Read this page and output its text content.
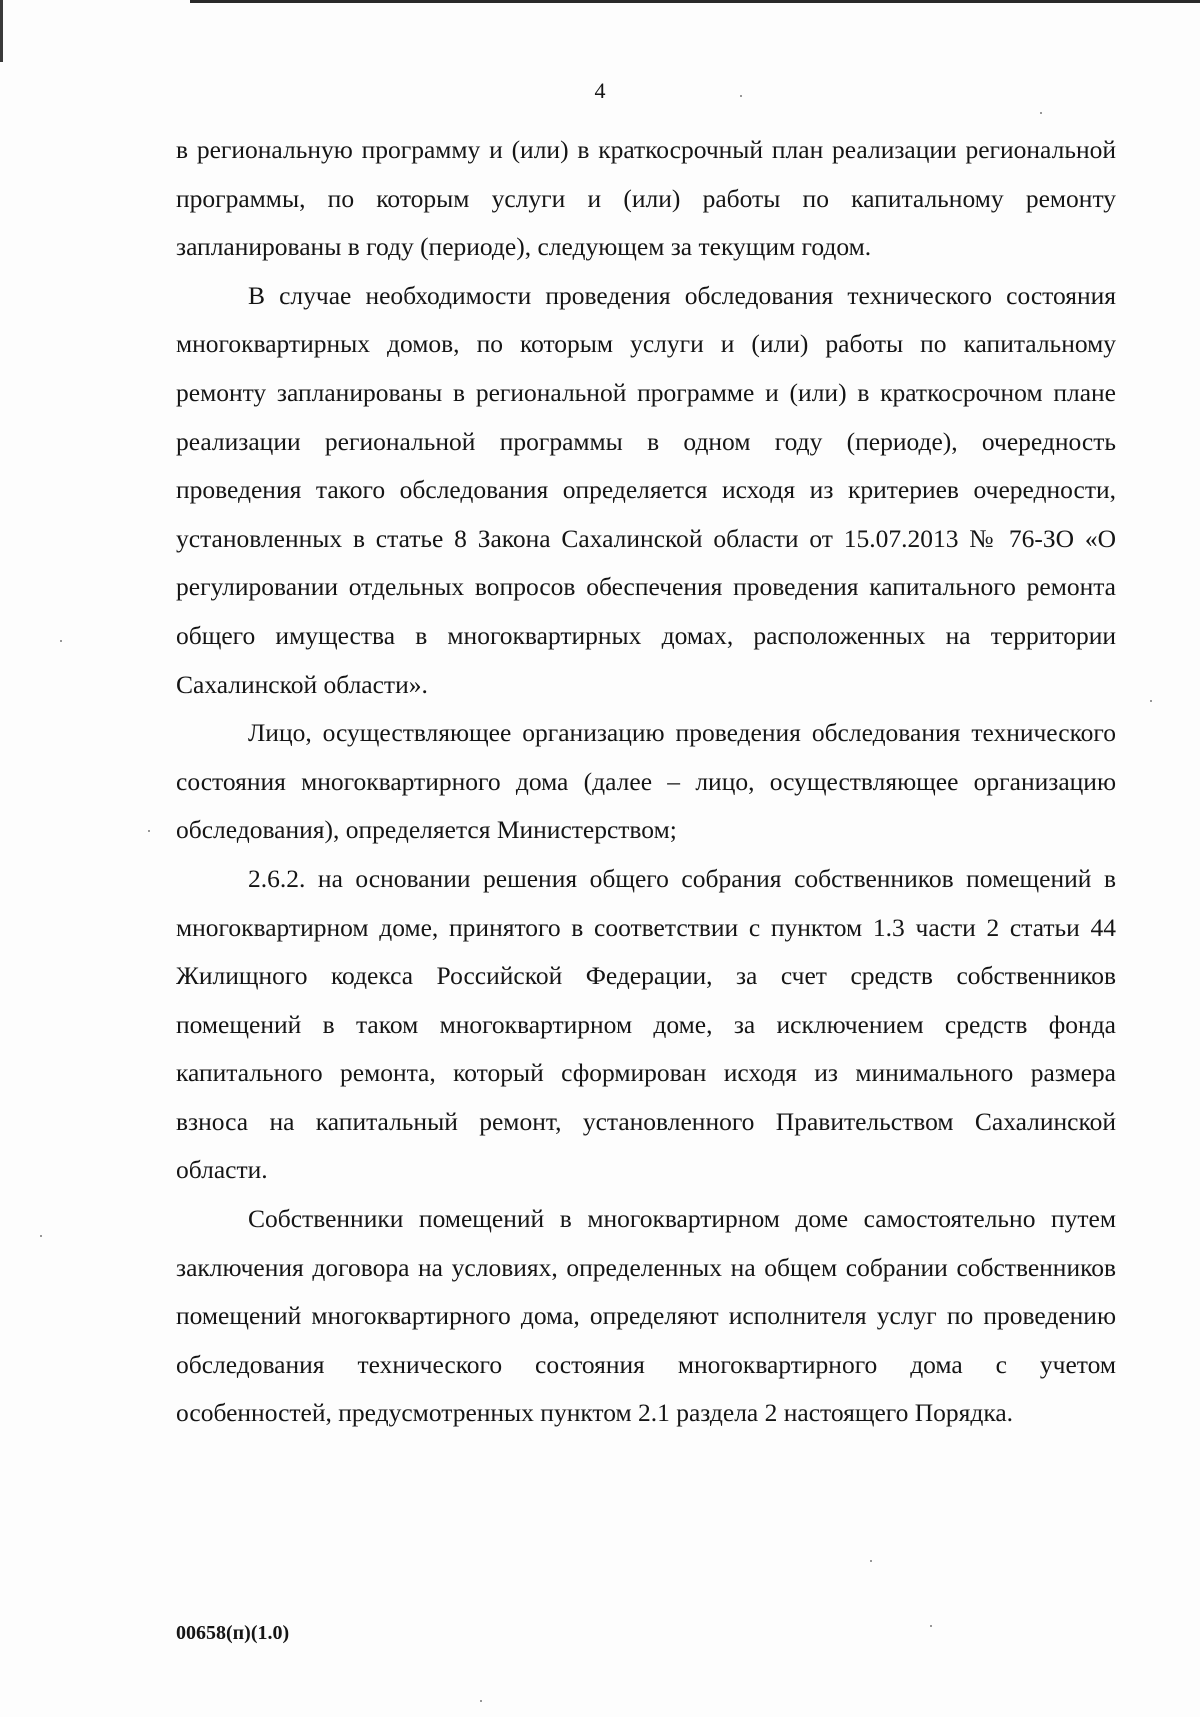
4

в региональную программу и (или) в краткосрочный план реализации региональной программы, по которым услуги и (или) работы по капитальному ремонту запланированы в году (периоде), следующем за текущим годом.

В случае необходимости проведения обследования технического состояния многоквартирных домов, по которым услуги и (или) работы по капитальному ремонту запланированы в региональной программе и (или) в краткосрочном плане реализации региональной программы в одном году (периоде), очередность проведения такого обследования определяется исходя из критериев очередности, установленных в статье 8 Закона Сахалинской области от 15.07.2013 № 76-ЗО «О регулировании отдельных вопросов обеспечения проведения капитального ремонта общего имущества в многоквартирных домах, расположенных на территории Сахалинской области».

Лицо, осуществляющее организацию проведения обследования технического состояния многоквартирного дома (далее – лицо, осуществляющее организацию обследования), определяется Министерством;

2.6.2. на основании решения общего собрания собственников помещений в многоквартирном доме, принятого в соответствии с пунктом 1.3 части 2 статьи 44 Жилищного кодекса Российской Федерации, за счет средств собственников помещений в таком многоквартирном доме, за исключением средств фонда капитального ремонта, который сформирован исходя из минимального размера взноса на капитальный ремонт, установленного Правительством Сахалинской области.

Собственники помещений в многоквартирном доме самостоятельно путем заключения договора на условиях, определенных на общем собрании собственников помещений многоквартирного дома, определяют исполнителя услуг по проведению обследования технического состояния многоквартирного дома с учетом особенностей, предусмотренных пунктом 2.1 раздела 2 настоящего Порядка.

00658(п)(1.0)
